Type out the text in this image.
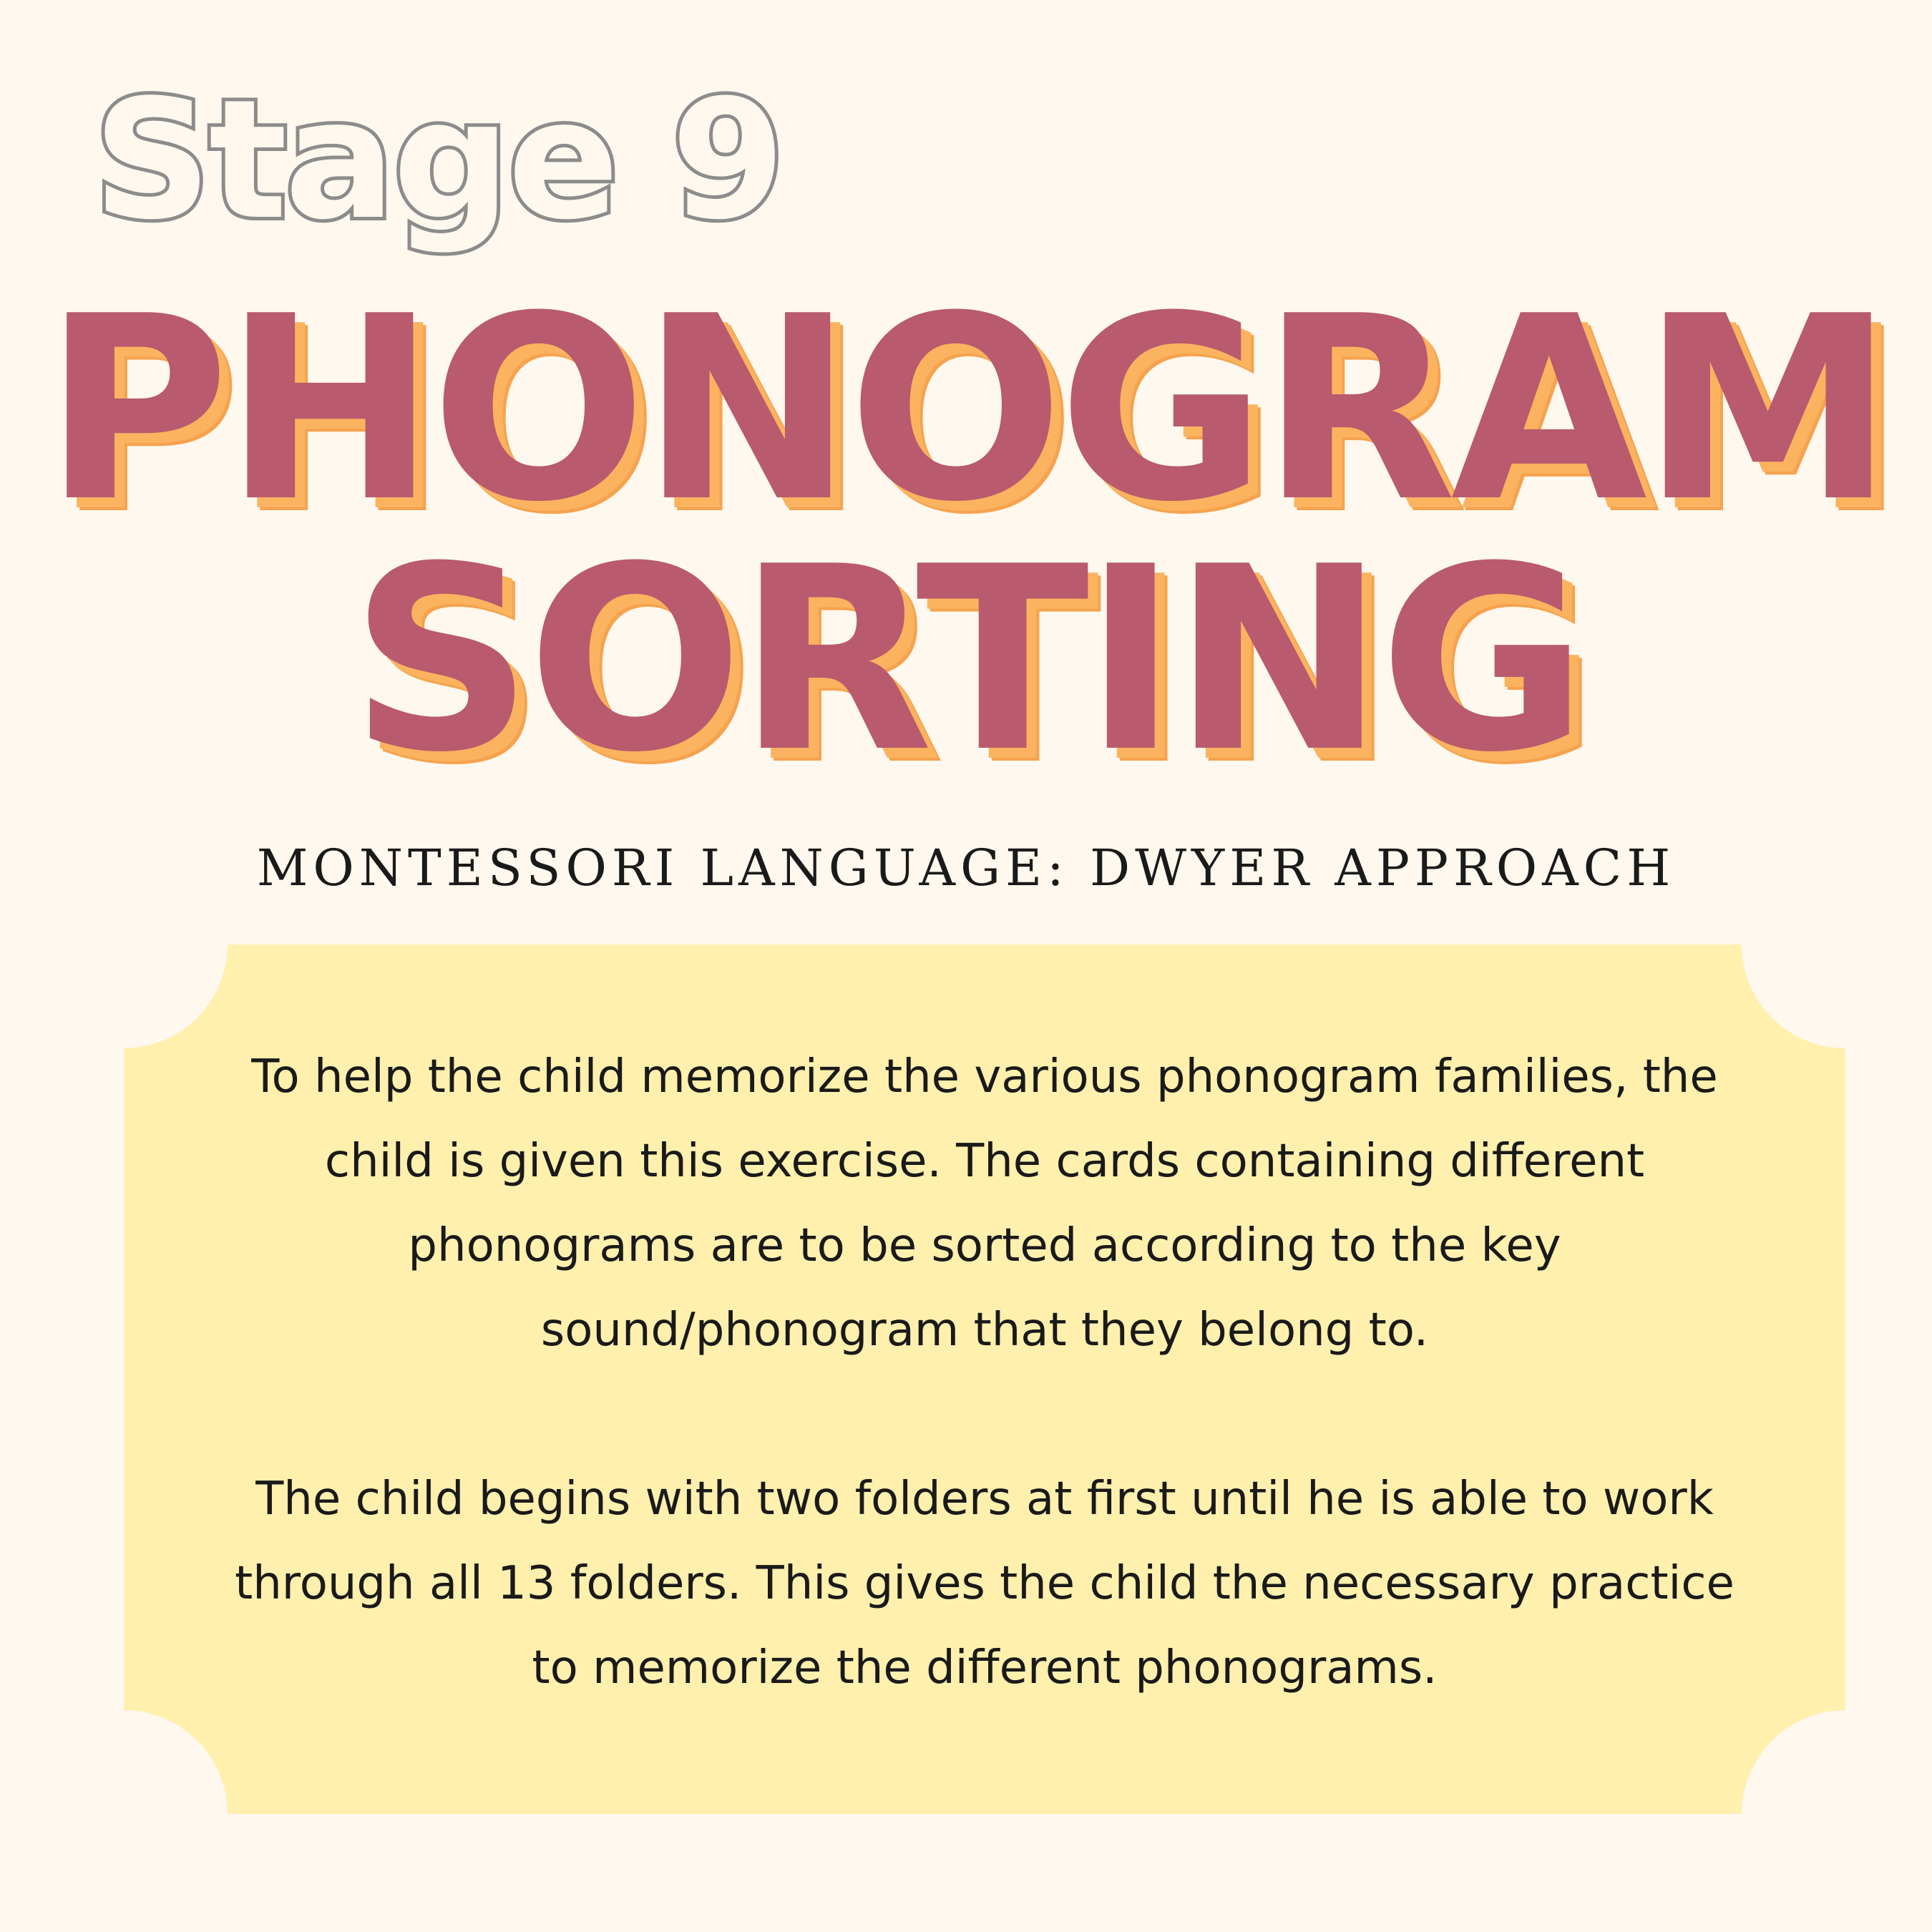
Stage 9
PHONOGRAM
SORTING

MONTESSORI LANGUAGE: DWYER APPROACH

To help the child memorize the various phonogram families, the child is given this exercise. The cards containing different phonograms are to be sorted according to the key sound/phonogram that they belong to.

The child begins with two folders at first until he is able to work through all 13 folders. This gives the child the necessary practice to memorize the different phonograms.
